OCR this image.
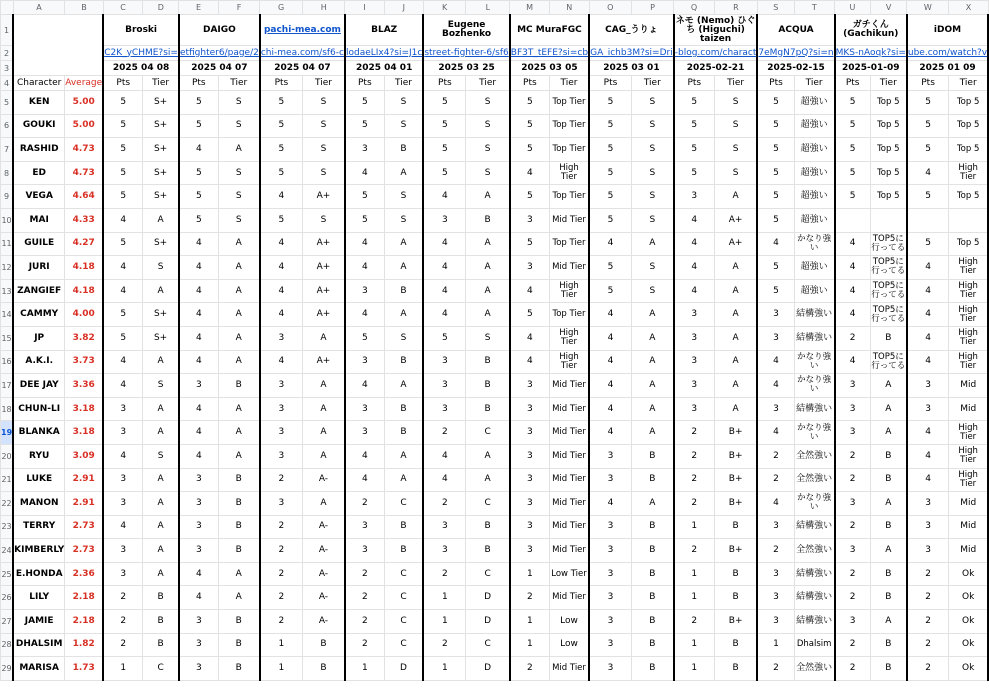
	A	B	C	D	E	F	G	H	I	J	K	L	M	N	O	P	Q	R	S	T	U	V	W	X
1			Broski		DAIGO		pachi-mea.com		BLAZ		Eugene Bozhenko		MC MuraFGC		CAG_うりょ		ネモ (Nemo) ひぐち (Higuchi) taizen		ACQUA		ガチくん (Gachikun)		iDOM	
2			C2K_yCHME?si=		etfighter6/page/2		chi-mea.com/sf6-c		lodaeLIx4?si=J1c		street-fighter-6/sf6		BF3T_tEFE?si=cb		GA_ichb3M?si=Dri		-blog.com/charact		7eMgN7pQ?si=n		MKS-nAoqk?si=		ube.com/watch?v	
3			2025 04 08		2025 04 07		2025 04 07		2025 04 01		2025 03 25		2025 03 05		2025 03 01		2025-02-21		2025-02-15		2025-01-09		2025 01 09	
4	Character	Average	Pts	Tier	Pts	Tier	Pts	Tier	Pts	Tier	Pts	Tier	Pts	Tier	Pts	Tier	Pts	Tier	Pts	Tier	Pts	Tier	Pts	Tier
5	KEN	5.00	5	S+	5	S	5	S	5	S	5	S	5	Top Tier	5	S	5	S	5	超強い	5	Top 5	5	Top 5
6	GOUKI	5.00	5	S+	5	S	5	S	5	S	5	S	5	Top Tier	5	S	5	S	5	超強い	5	Top 5	5	Top 5
7	RASHID	4.73	5	S+	4	A	5	S	3	B	5	S	5	Top Tier	5	S	5	S	5	超強い	5	Top 5	5	Top 5
8	ED	4.73	5	S+	5	S	5	S	4	A	5	S	4	High Tier	5	S	5	S	5	超強い	5	Top 5	4	High Tier
9	VEGA	4.64	5	S+	5	S	4	A+	5	S	4	A	5	Top Tier	5	S	3	A	5	超強い	5	Top 5	5	Top 5
10	MAI	4.33	4	A	5	S	5	S	5	S	3	B	3	Mid Tier	5	S	4	A+	5	超強い				
11	GUILE	4.27	5	S+	4	A	4	A+	4	A	4	A	5	Top Tier	4	A	4	A+	4	かなり強い	4	TOP5に行ってる	5	Top 5
12	JURI	4.18	4	S	4	A	4	A+	4	A	4	A	3	Mid Tier	5	S	4	A	5	超強い	4	TOP5に行ってる	4	High Tier
13	ZANGIEF	4.18	4	A	4	A	4	A+	3	B	4	A	4	High Tier	5	S	4	A	5	超強い	4	TOP5に行ってる	4	High Tier
14	CAMMY	4.00	5	S+	4	A	4	A+	4	A	4	A	5	Top Tier	4	A	3	A	3	結構強い	4	TOP5に行ってる	4	High Tier
15	JP	3.82	5	S+	4	A	3	A	5	S	5	S	4	High Tier	4	A	3	A	3	結構強い	2	B	4	High Tier
16	A.K.I.	3.73	4	A	4	A	4	A+	3	B	3	B	4	High Tier	4	A	3	A	4	かなり強い	4	TOP5に行ってる	4	High Tier
17	DEE JAY	3.36	4	S	3	B	3	A	4	A	3	B	3	Mid Tier	4	A	3	A	4	かなり強い	3	A	3	Mid
18	CHUN-LI	3.18	3	A	4	A	3	A	3	B	3	B	3	Mid Tier	4	A	3	A	3	結構強い	3	A	3	Mid
19	BLANKA	3.18	3	A	4	A	3	A	3	B	2	C	3	Mid Tier	4	A	2	B+	4	かなり強い	3	A	4	High Tier
20	RYU	3.09	4	S	4	A	3	A	4	A	4	A	3	Mid Tier	3	B	2	B+	2	全然強い	2	B	4	High Tier
21	LUKE	2.91	3	A	3	B	2	A-	4	A	4	A	3	Mid Tier	3	B	2	B+	2	全然強い	2	B	4	High Tier
22	MANON	2.91	3	A	3	B	3	A	2	C	2	C	3	Mid Tier	4	A	2	B+	4	かなり強い	3	A	3	Mid
23	TERRY	2.73	4	A	3	B	2	A-	3	B	3	B	3	Mid Tier	3	B	1	B	3	結構強い	2	B	3	Mid
24	KIMBERLY	2.73	3	A	3	B	2	A-	3	B	3	B	3	Mid Tier	3	B	2	B+	2	全然強い	3	A	3	Mid
25	E.HONDA	2.36	3	A	4	A	2	A-	2	C	2	C	1	Low Tier	3	B	1	B	3	結構強い	2	B	2	Ok
26	LILY	2.18	2	B	4	A	2	A-	2	C	1	D	2	Mid Tier	3	B	1	B	3	結構強い	2	B	2	Ok
27	JAMIE	2.18	2	B	3	B	2	A-	2	C	1	D	1	Low	3	B	2	B+	3	結構強い	3	A	2	Ok
28	DHALSIM	1.82	2	B	3	B	1	B	2	C	2	C	1	Low	3	B	1	B	1	Dhalsim	2	B	2	Ok
29	MARISA	1.73	1	C	3	B	1	B	1	D	1	D	2	Mid Tier	3	B	1	B	2	全然強い	2	B	2	Ok
